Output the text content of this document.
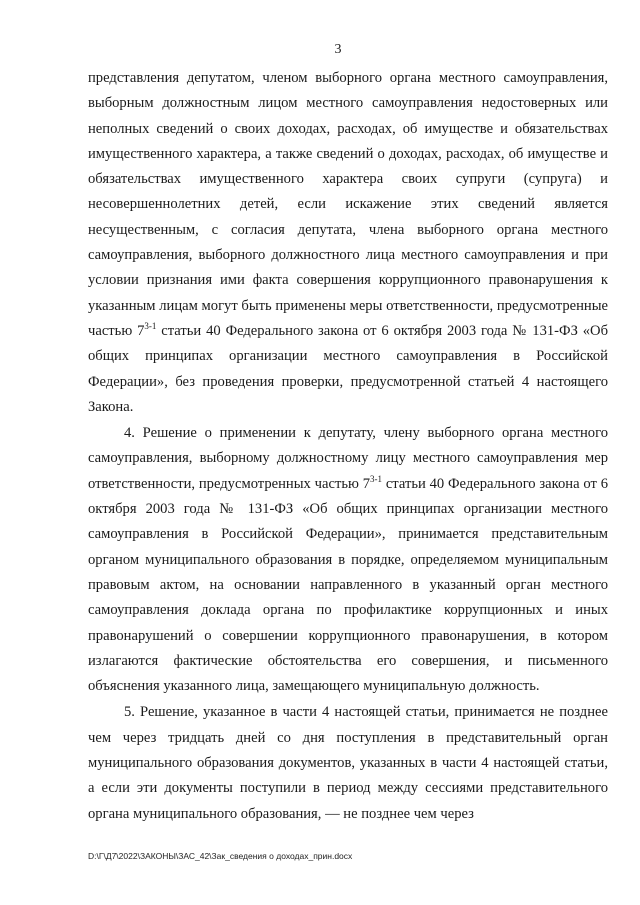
3

представления депутатом, членом выборного органа местного самоуправления, выборным должностным лицом местного самоуправления недостоверных или неполных сведений о своих доходах, расходах, об имуществе и обязательствах имущественного характера, а также сведений о доходах, расходах, об имуществе и обязательствах имущественного характера своих супруги (супруга) и несовершеннолетних детей, если искажение этих сведений является несущественным, с согласия депутата, члена выборного органа местного самоуправления, выборного должностного лица местного самоуправления и при условии признания ими факта совершения коррупционного правонарушения к указанным лицам могут быть применены меры ответственности, предусмотренные частью 7$^{3-1}$ статьи 40 Федерального закона от 6 октября 2003 года № 131-ФЗ «Об общих принципах организации местного самоуправления в Российской Федерации», без проведения проверки, предусмотренной статьей 4 настоящего Закона.

4. Решение о применении к депутату, члену выборного органа местного самоуправления, выборному должностному лицу местного самоуправления мер ответственности, предусмотренных частью 7$^{3-1}$ статьи 40 Федерального закона от 6 октября 2003 года № 131-ФЗ «Об общих принципах организации местного самоуправления в Российской Федерации», принимается представительным органом муниципального образования в порядке, определяемом муниципальным правовым актом, на основании направленного в указанный орган местного самоуправления доклада органа по профилактике коррупционных и иных правонарушений о совершении коррупционного правонарушения, в котором излагаются фактические обстоятельства его совершения, и письменного объяснения указанного лица, замещающего муниципальную должность.

5. Решение, указанное в части 4 настоящей статьи, принимается не позднее чем через тридцать дней со дня поступления в представительный орган муниципального образования документов, указанных в части 4 настоящей статьи, а если эти документы поступили в период между сессиями представительного органа муниципального образования, — не позднее чем через

D:\Г\Д7\2022\ЗАКОНЫ\ЗАС_42\Зак_сведения о доходах_прин.docx
